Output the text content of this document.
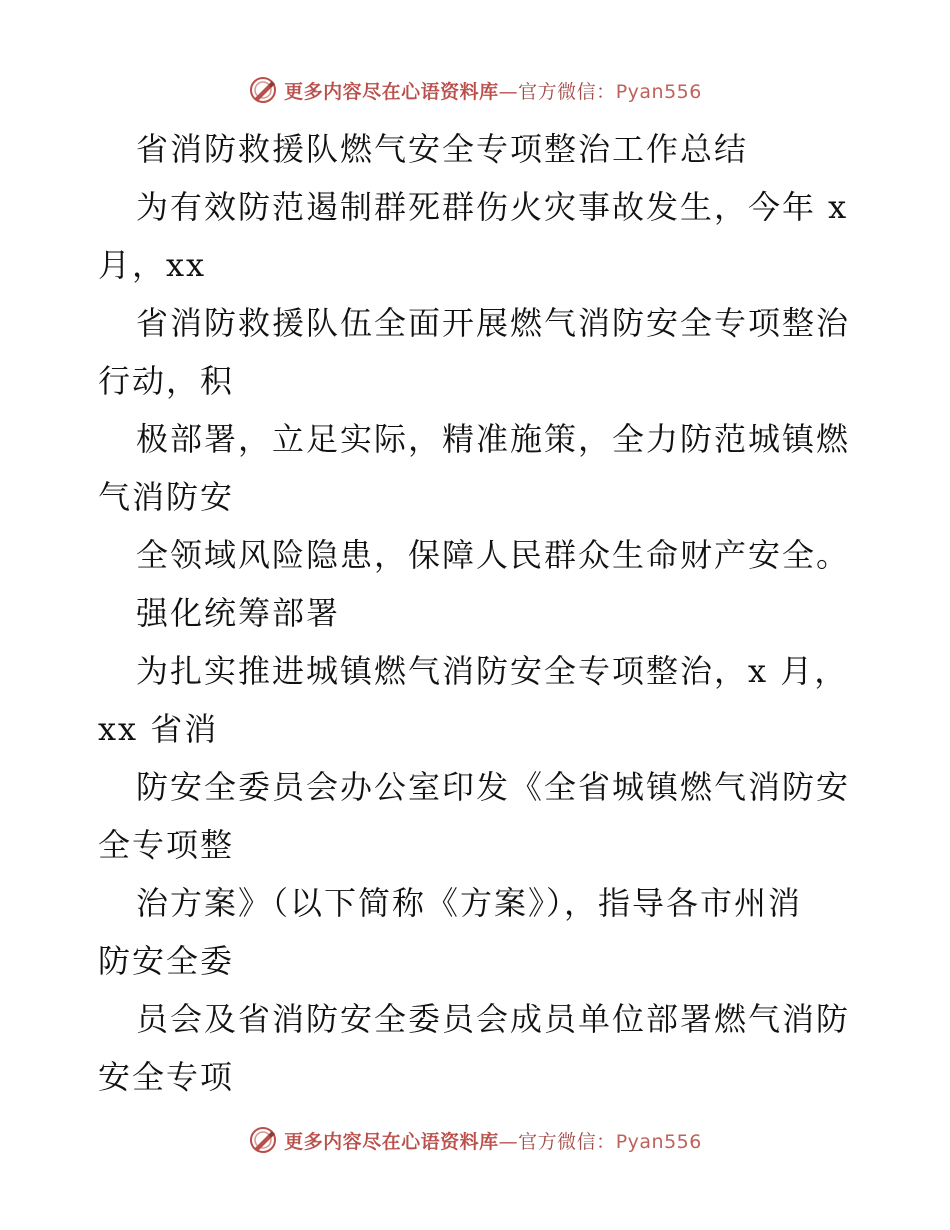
更多内容尽在心语资料库—官方微信：Pyan556
省消防救援队燃气安全专项整治工作总结
为有效防范遏制群死群伤火灾事故发生，今年 x
月，xx
省消防救援队伍全面开展燃气消防安全专项整治
行动，积
极部署，立足实际，精准施策，全力防范城镇燃
气消防安
全领域风险隐患，保障人民群众生命财产安全。
强化统筹部署
为扎实推进城镇燃气消防安全专项整治，x 月，
xx 省消
防安全委员会办公室印发《全省城镇燃气消防安
全专项整
治方案》（以下简称《方案》），指导各市州消
防安全委
员会及省消防安全委员会成员单位部署燃气消防
安全专项
更多内容尽在心语资料库—官方微信：Pyan556
